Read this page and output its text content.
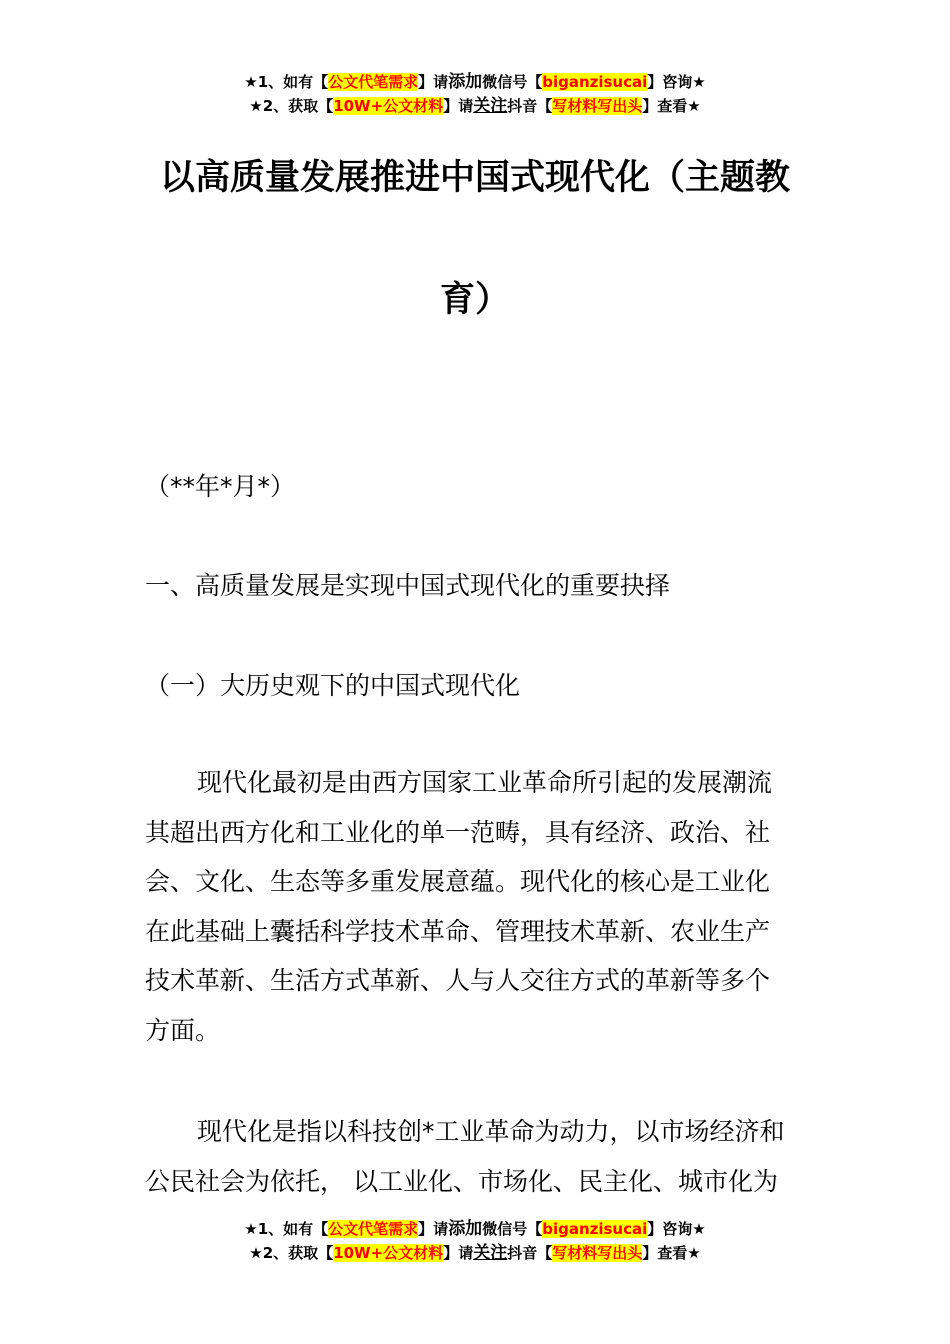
★1、如有【公文代笔需求】请添加微信号【biganzisucai】咨询★
★2、获取【10W+公文材料】请关注抖音【写材料写出头】查看★
以高质量发展推进中国式现代化（主题教
育）
（**年*月*）
一、高质量发展是实现中国式现代化的重要抉择
（一）大历史观下的中国式现代化
现代化最初是由西方国家工业革命所引起的发展潮流
其超出西方化和工业化的单一范畴，具有经济、政治、社
会、文化、生态等多重发展意蕴。现代化的核心是工业化
在此基础上囊括科学技术革命、管理技术革新、农业生产
技术革新、生活方式革新、人与人交往方式的革新等多个
方面。
现代化是指以科技创*工业革命为动力，以市场经济和
公民社会为依托， 以工业化、市场化、民主化、城市化为
★1、如有【公文代笔需求】请添加微信号【biganzisucai】咨询★
★2、获取【10W+公文材料】请关注抖音【写材料写出头】查看★
